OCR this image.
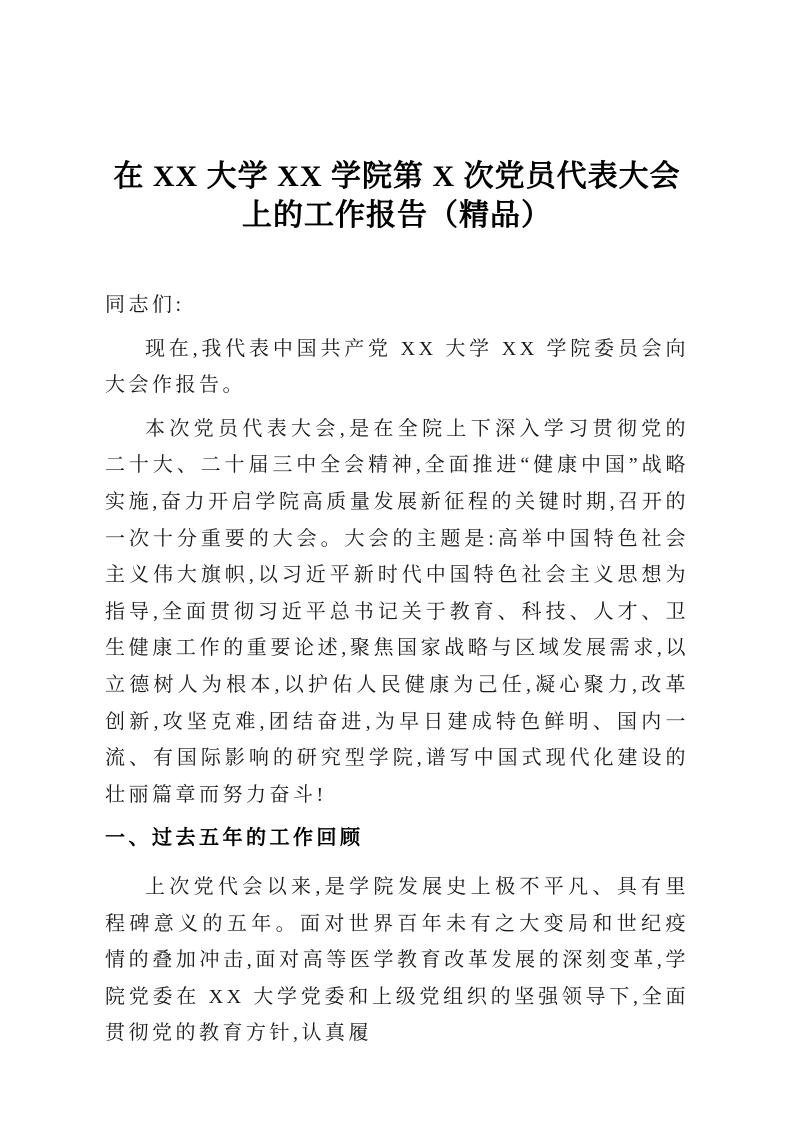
在 XX 大学 XX 学院第 X 次党员代表大会上的工作报告（精品）

同志们:

现在,我代表中国共产党 XX 大学 XX 学院委员会向大会作报告。

本次党员代表大会,是在全院上下深入学习贯彻党的二十大、二十届三中全会精神,全面推进“健康中国”战略实施,奋力开启学院高质量发展新征程的关键时期,召开的一次十分重要的大会。大会的主题是:高举中国特色社会主义伟大旗帜,以习近平新时代中国特色社会主义思想为指导,全面贯彻习近平总书记关于教育、科技、人才、卫生健康工作的重要论述,聚焦国家战略与区域发展需求,以立德树人为根本,以护佑人民健康为己任,凝心聚力,改革创新,攻坚克难,团结奋进,为早日建成特色鲜明、国内一流、有国际影响的研究型学院,谱写中国式现代化建设的壮丽篇章而努力奋斗!

一、过去五年的工作回顾

上次党代会以来,是学院发展史上极不平凡、具有里程碑意义的五年。面对世界百年未有之大变局和世纪疫情的叠加冲击,面对高等医学教育改革发展的深刻变革,学院党委在 XX 大学党委和上级党组织的坚强领导下,全面贯彻党的教育方针,认真履
